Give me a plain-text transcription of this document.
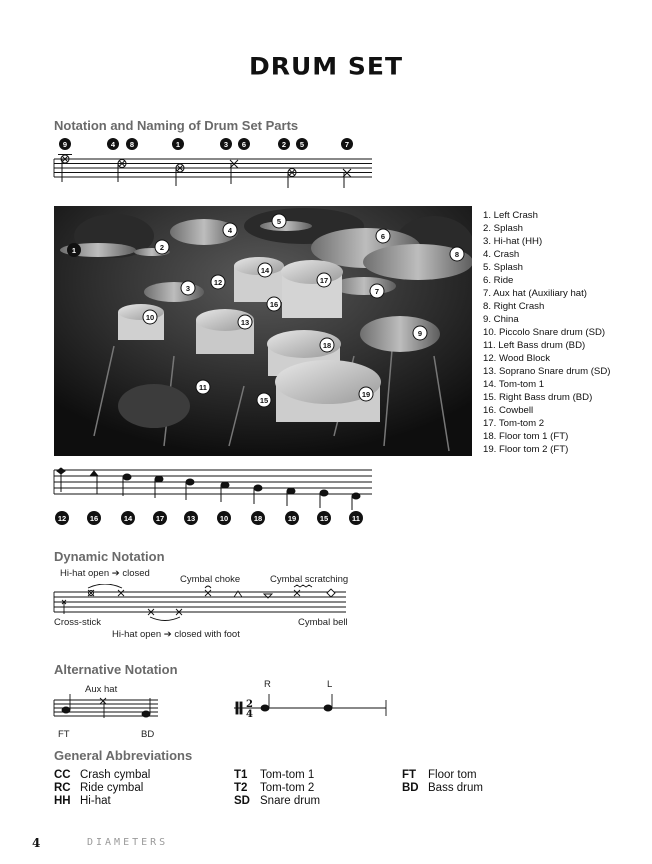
DRUM SET
Notation and Naming of Drum Set Parts
9	4 8	1	3 6	2 5	7
1	2
3
4
5
6
7
8
9
10
11
12
13
14
15
16
17
18
19
1. Left Crash
2. Splash
3. Hi-hat (HH)
4. Crash
5. Splash
6. Ride
7. Aux hat (Auxiliary hat)
8. Right Crash
9. China
10. Piccolo Snare drum (SD)
11. Left Bass drum (BD)
12. Wood Block
13. Soprano Snare drum (SD)
14. Tom-tom 1
15. Right Bass drum (BD)
16. Cowbell
17. Tom-tom 2
18. Floor tom 1 (FT)
19. Floor tom 2 (FT)
12	16	14	17	13	10	18	19	15	11
Dynamic Notation
Hi-hat open ➔ closed
Cymbal choke	Cymbal scratching
Cross-stick	Cymbal bell
Hi-hat open ➔ closed with foot
Alternative Notation
Aux hat	R	L
2
4
FT	BD
General Abbreviations
CC Crash cymbal
RC Ride cymbal
HH Hi-hat
T1 Tom-tom 1
T2 Tom-tom 2
SD Snare drum
FT Floor tom
BD Bass drum
4	DIAMETERS
